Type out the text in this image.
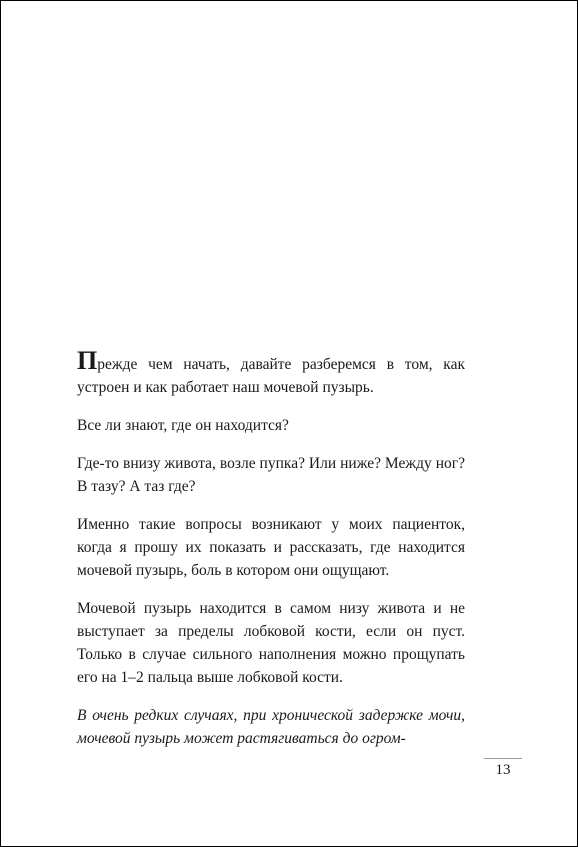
Прежде чем начать, давайте разберемся в том, как устроен и как работает наш мочевой пузырь.

Все ли знают, где он находится?

Где-то внизу живота, возле пупка? Или ниже? Между ног? В тазу? А таз где?

Именно такие вопросы возникают у моих пациенток, когда я прошу их показать и рассказать, где находится мочевой пузырь, боль в котором они ощущают.

Мочевой пузырь находится в самом низу живота и не выступает за пределы лобковой кости, если он пуст. Только в случае сильного наполнения можно прощупать его на 1–2 пальца выше лобковой кости.

В очень редких случаях, при хронической задержке мочи, мочевой пузырь может растягиваться до огром-

13
